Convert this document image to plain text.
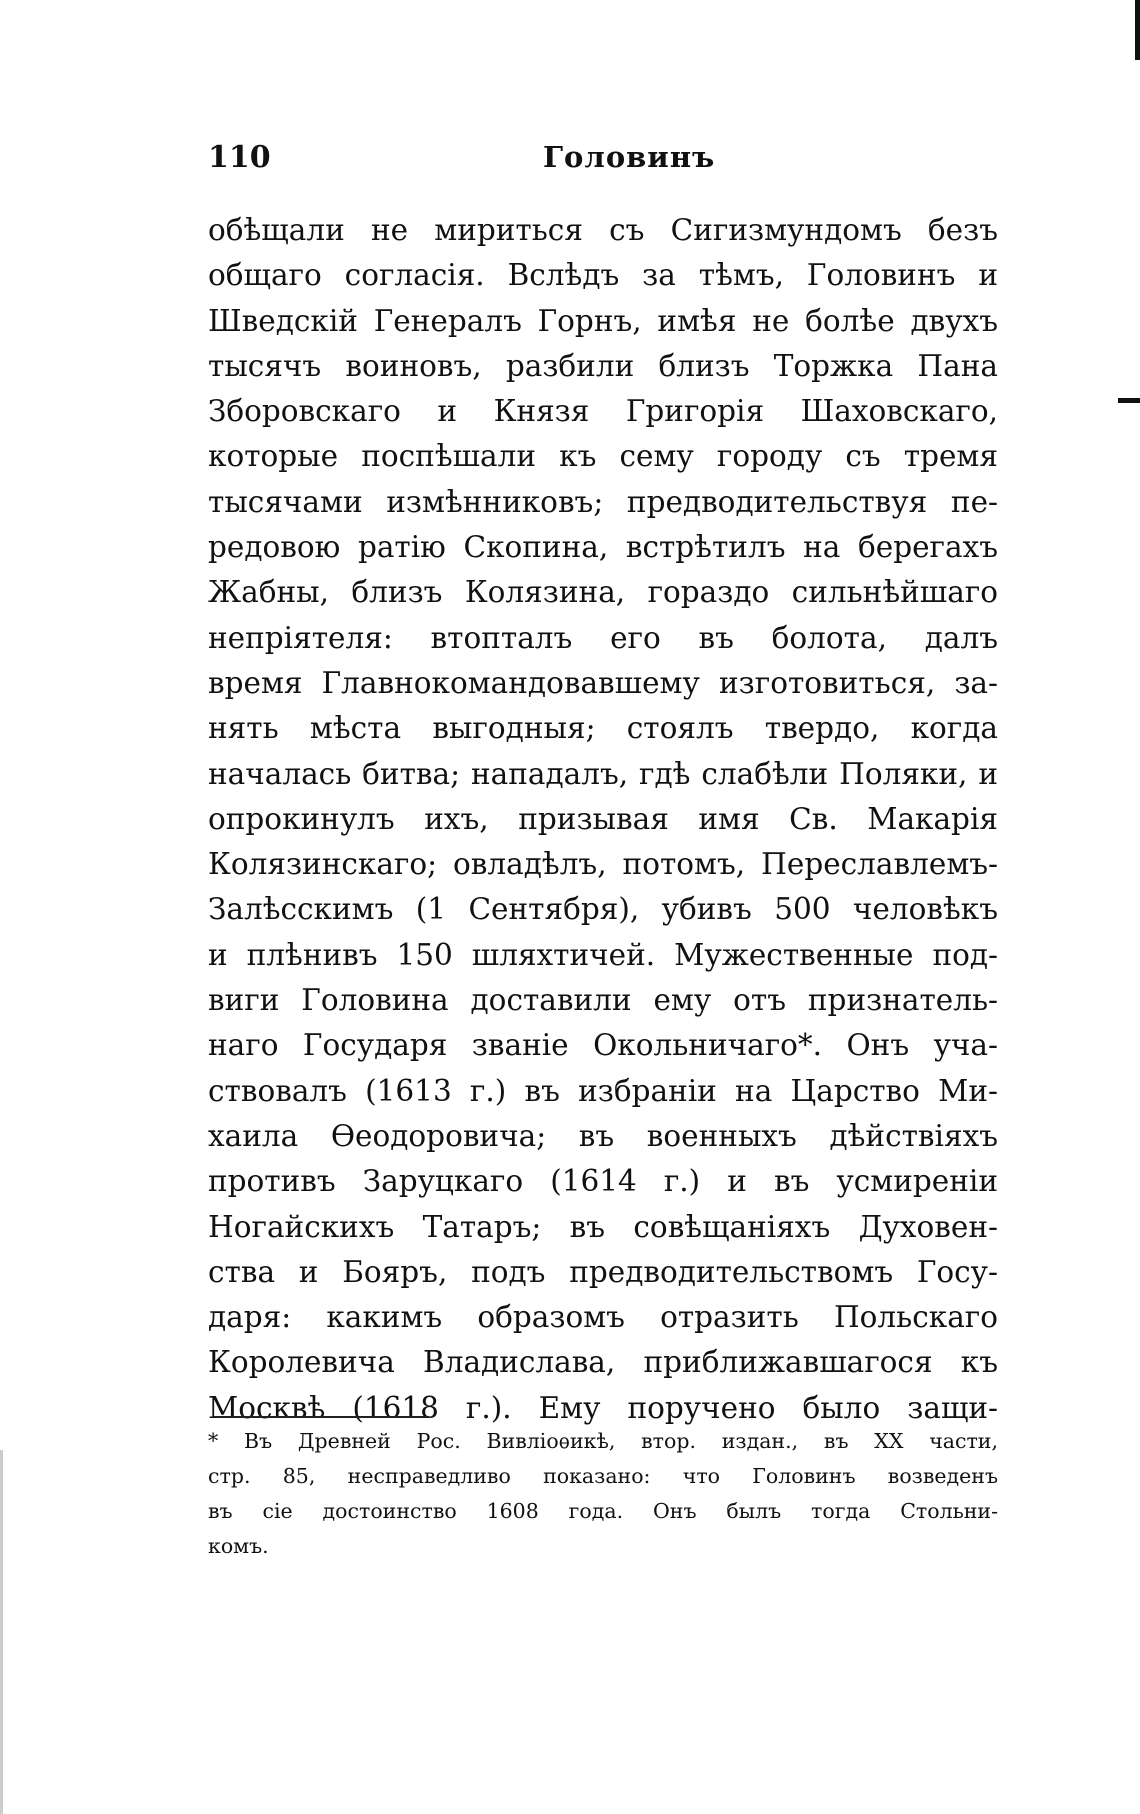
110	Головинъ
обѣщали не мириться съ Сигизмундомъ безъ
общаго согласія. Вслѣдъ за тѣмъ, Головинъ и
Шведскій Генералъ Горнъ, имѣя не болѣе двухъ
тысячъ воиновъ, разбили близъ Торжка Пана
Зборовскаго и Князя Григорія Шаховскаго,
которые поспѣшали къ сему городу съ тремя
тысячами измѣнниковъ; предводительствуя пе-
редовою ратію Скопина, встрѣтилъ на берегахъ
Жабны, близъ Колязина, гораздо сильнѣйшаго
непріятеля: втопталъ его въ болота, далъ
время Главнокомандовавшему изготовиться, за-
нять мѣста выгодныя; стоялъ твердо, когда
началась битва; нападалъ, гдѣ слабѣли Поляки, и
опрокинулъ ихъ, призывая имя Св. Макарія
Колязинскаго; овладѣлъ, потомъ, Переславлемъ-
Залѣсскимъ (1 Сентября), убивъ 500 человѣкъ
и плѣнивъ 150 шляхтичей. Мужественные под-
виги Головина доставили ему отъ признатель-
наго Государя званіе Окольничаго*. Онъ уча-
ствовалъ (1613 г.) въ избраніи на Царство Ми-
хаила Ѳеодоровича; въ военныхъ дѣйствіяхъ
противъ Заруцкаго (1614 г.) и въ усмиреніи
Ногайскихъ Татаръ; въ совѣщаніяхъ Духовен-
ства и Бояръ, подъ предводительствомъ Госу-
даря: какимъ образомъ отразить Польскаго
Королевича Владислава, приближавшагося къ
Москвѣ (1618 г.). Ему поручено было защи-
* Въ Древней Рос. Вивліоѳикѣ, втор. издан., въ XX части,
стр. 85, несправедливо показано: что Головинъ возведенъ
въ сіе достоинство 1608 года. Онъ былъ тогда Стольни-
комъ.
